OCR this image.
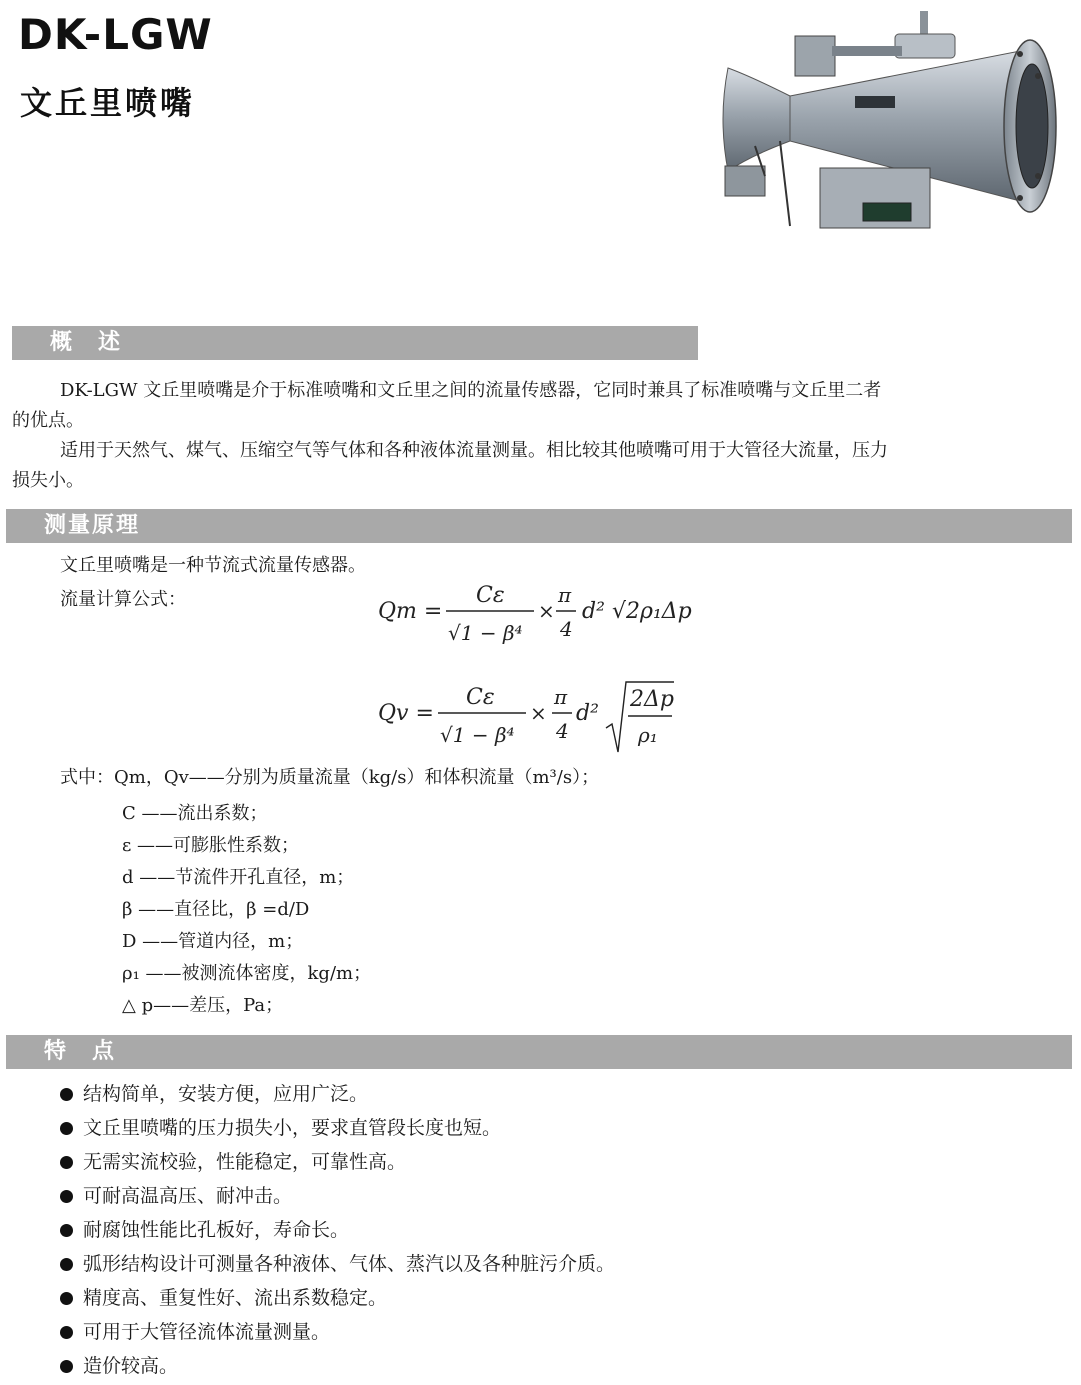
DK-LGW
文丘里喷嘴
概　述
DK-LGW 文丘里喷嘴是介于标准喷嘴和文丘里之间的流量传感器，它同时兼具了标准喷嘴与文丘里二者
的优点。
适用于天然气、煤气、压缩空气等气体和各种液体流量测量。相比较其他喷嘴可用于大管径大流量，压力
损失小。
测量原理
文丘里喷嘴是一种节流式流量传感器。
流量计算公式：	Qm =
Cε
√1 − β⁴
×
π
4
d² √2ρ₁Δp
Qv =
Cε
√1 − β⁴
×
π
4
d²
2Δp
ρ₁
式中：Qm，Qv——分别为质量流量（kg/s）和体积流量（m³/s）；
C ——流出系数；
ε ——可膨胀性系数；
d ——节流件开孔直径，m；
β ——直径比，β =d/D
D ——管道内径，m；
ρ₁ ——被测流体密度，kg/m；
△ p——差压，Pa；
特　点
结构简单，安装方便，应用广泛。
文丘里喷嘴的压力损失小，要求直管段长度也短。
无需实流校验，性能稳定，可靠性高。
可耐高温高压、耐冲击。
耐腐蚀性能比孔板好，寿命长。
弧形结构设计可测量各种液体、气体、蒸汽以及各种脏污介质。
精度高、重复性好、流出系数稳定。
可用于大管径流体流量测量。
造价较高。
